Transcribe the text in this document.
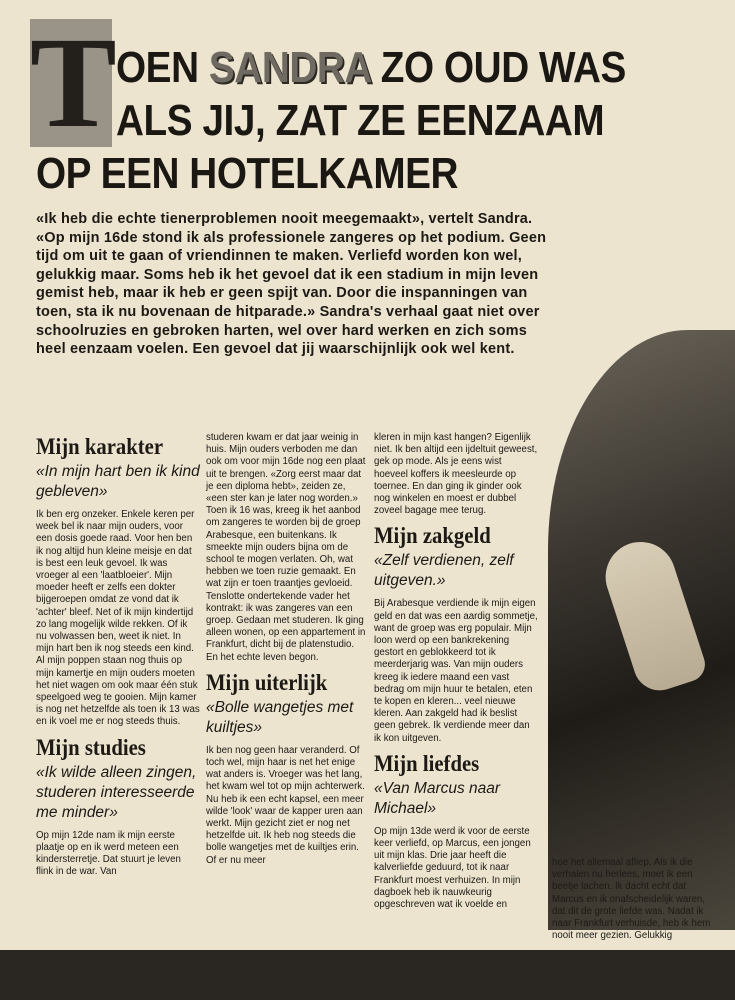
T OEN SANDRA ZO OUD WAS
ALS JIJ, ZAT ZE EENZAAM
OP EEN HOTELKAMER
«Ik heb die echte tienerproblemen nooit meegemaakt», vertelt Sandra. «Op mijn 16de stond ik als professionele zangeres op het podium. Geen tijd om uit te gaan of vriendinnen te maken. Verliefd worden kon wel, gelukkig maar. Soms heb ik het gevoel dat ik een stadium in mijn leven gemist heb, maar ik heb er geen spijt van. Door die inspanningen van toen, sta ik nu bovenaan de hitparade.» Sandra's verhaal gaat niet over schoolruzies en gebroken harten, wel over hard werken en zich soms heel eenzaam voelen. Een gevoel dat jij waarschijnlijk ook wel kent.
Mijn karakter
«In mijn hart ben ik kind gebleven»

Ik ben erg onzeker. Enkele keren per week bel ik naar mijn ouders, voor een dosis goede raad. Voor hen ben ik nog altijd hun kleine meisje en dat is best een leuk gevoel. Ik was vroeger al een 'laatbloeier'. Mijn moeder heeft er zelfs een dokter bijgeroepen omdat ze vond dat ik 'achter' bleef. Net of ik mijn kindertijd zo lang mogelijk wilde rekken. Of ik nu volwassen ben, weet ik niet. In mijn hart ben ik nog steeds een kind. Al mijn poppen staan nog thuis op mijn kamertje en mijn ouders moeten het niet wagen om ook maar één stuk speelgoed weg te gooien. Mijn kamer is nog net hetzelfde als toen ik 13 was en ik voel me er nog steeds thuis.

Mijn studies
«Ik wilde alleen zingen, studeren interesseerde me minder»

Op mijn 12de nam ik mijn eerste plaatje op en ik werd meteen een kindersterretje. Dat stuurt je leven flink in de war. Van

studeren kwam er dat jaar weinig in huis. Mijn ouders verboden me dan ook om voor mijn 16de nog een plaat uit te brengen. «Zorg eerst maar dat je een diploma hebt», zeiden ze, «een ster kan je later nog worden.» Toen ik 16 was, kreeg ik het aanbod om zangeres te worden bij de groep Arabesque, een buitenkans. Ik smeekte mijn ouders bijna om de school te mogen verlaten. Oh, wat hebben we toen ruzie gemaakt. En wat zijn er toen traantjes gevloeid. Tenslotte ondertekende vader het kontrakt: ik was zangeres van een groep. Gedaan met studeren. Ik ging alleen wonen, op een appartement in Frankfurt, dicht bij de platenstudio. En het echte leven begon.

Mijn uiterlijk
«Bolle wangetjes met kuiltjes»

Ik ben nog geen haar veranderd. Of toch wel, mijn haar is net het enige wat anders is. Vroeger was het lang, het kwam wel tot op mijn achterwerk. Nu heb ik een echt kapsel, een meer wilde 'look' waar de kapper uren aan werkt. Mijn gezicht ziet er nog net hetzelfde uit. Ik heb nog steeds die bolle wangetjes met de kuiltjes erin. Of er nu meer

kleren in mijn kast hangen? Eigenlijk niet. Ik ben altijd een ijdeltuit geweest, gek op mode. Als je eens wist hoeveel koffers ik meesleurde op toernee. En dan ging ik ginder ook nog winkelen en moest er dubbel zoveel bagage mee terug.

Mijn zakgeld
«Zelf verdienen, zelf uitgeven.»

Bij Arabesque verdiende ik mijn eigen geld en dat was een aardig sommetje, want de groep was erg populair. Mijn loon werd op een bankrekening gestort en geblokkeerd tot ik meerderjarig was. Van mijn ouders kreeg ik iedere maand een vast bedrag om mijn huur te betalen, eten te kopen en kleren... veel nieuwe kleren. Aan zakgeld had ik beslist geen gebrek. Ik verdiende meer dan ik kon uitgeven.

Mijn liefdes
«Van Marcus naar Michael»

Op mijn 13de werd ik voor de eerste keer verliefd, op Marcus, een jongen uit mijn klas. Drie jaar heeft die kalverliefde geduurd, tot ik naar Frankfurt moest verhuizen. In mijn dagboek heb ik nauwkeurig opgeschreven wat ik voelde en

hoe het allemaal afliep. Als ik die verhalen nu herlees, moet ik een beetje lachen. Ik dacht echt dat Marcus en ik onafscheidelijk waren, dat dit de grote liefde was. Nadat ik naar Frankfurt verhuisde, heb ik hem nooit meer gezien. Gelukkig
